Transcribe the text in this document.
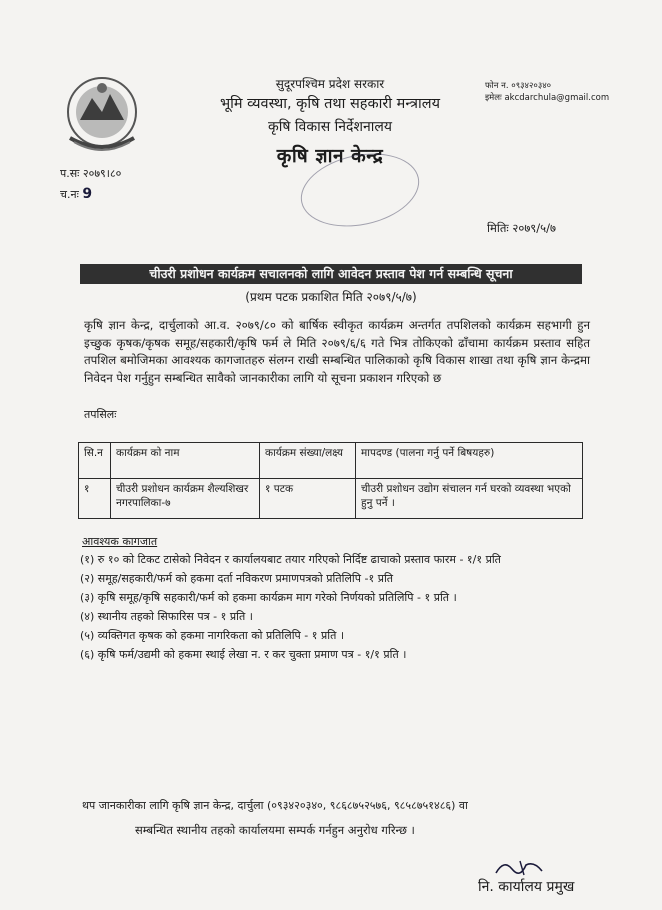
सुदूरपश्चिम प्रदेश सरकार
भूमि व्यवस्था, कृषि तथा सहकारी मन्त्रालय
कृषि विकास निर्देशनालय
कृषि ज्ञान केन्द्र
फोन न. ०९३४२०३४०
इमेलः akcdarchula@gmail.com
प.सः २०७९।८०
च.नः 9
मितिः २०७९/५/७
चीउरी प्रशोधन कार्यक्रम सचालनको लागि आवेदन प्रस्ताव पेश गर्न सम्बन्धि सूचना
(प्रथम पटक प्रकाशित मिति २०७९/५/७)

कृषि ज्ञान केन्द्र, दार्चुलाको आ.व. २०७९/८० को बार्षिक स्वीकृत कार्यक्रम अन्तर्गत तपशिलको कार्यक्रम सहभागी हुन इच्छुक कृषक/कृषक समूह/सहकारी/कृषि फर्म ले मिति २०७९/६/६ गते भित्र तोकिएको ढाँचामा कार्यक्रम प्रस्ताव सहित तपशिल बमोजिमका आवश्यक कागजातहरु संलग्न राखी सम्बन्धित पालिकाको कृषि विकास शाखा तथा कृषि ज्ञान केन्द्रमा निवेदन पेश गर्नुहुन सम्बन्धित सावैको जानकारीका लागि यो सूचना प्रकाशन गरिएको छ

तपसिलः
सि.न	कार्यक्रम को नाम	कार्यक्रम संख्या/लक्ष्य	मापदण्ड (पालना गर्नु पर्ने बिषयहरु)
१	चीउरी प्रशोधन कार्यक्रम शैल्यशिखर नगरपालिका-७	१ पटक	चीउरी प्रशोधन उद्योग संचालन गर्न घरको व्यवस्था भएको हुनु पर्ने ।
आवश्यक कागजात
(१) रु १० को टिकट टासेको निवेदन र कार्यालयबाट तयार गरिएको निर्दिष्ट ढाचाको प्रस्ताव फारम - १/१ प्रति
(२) समूह/सहकारी/फर्म को हकमा दर्ता नविकरण प्रमाणपत्रको प्रतिलिपि -१ प्रति
(३) कृषि समूह/कृषि सहकारी/फर्म को हकमा कार्यक्रम माग गरेको निर्णयको प्रतिलिपि - १ प्रति ।
(४) स्थानीय तहको सिफारिस पत्र - १ प्रति ।
(५) व्यक्तिगत कृषक को हकमा नागरिकता को प्रतिलिपि - १ प्रति ।
(६) कृषि फर्म/उद्यमी को हकमा स्थाई लेखा न. र कर चुक्ता प्रमाण पत्र - १/१ प्रति ।
थप जानकारीका लागि कृषि ज्ञान केन्द्र, दार्चुला (०९३४२०३४०, ९८६८७५२५७६, ९८५८७५१४८६) वा
सम्बन्धित स्थानीय तहको कार्यालयमा सम्पर्क गर्नहुन अनुरोध गरिन्छ ।
नि. कार्यालय प्रमुख
